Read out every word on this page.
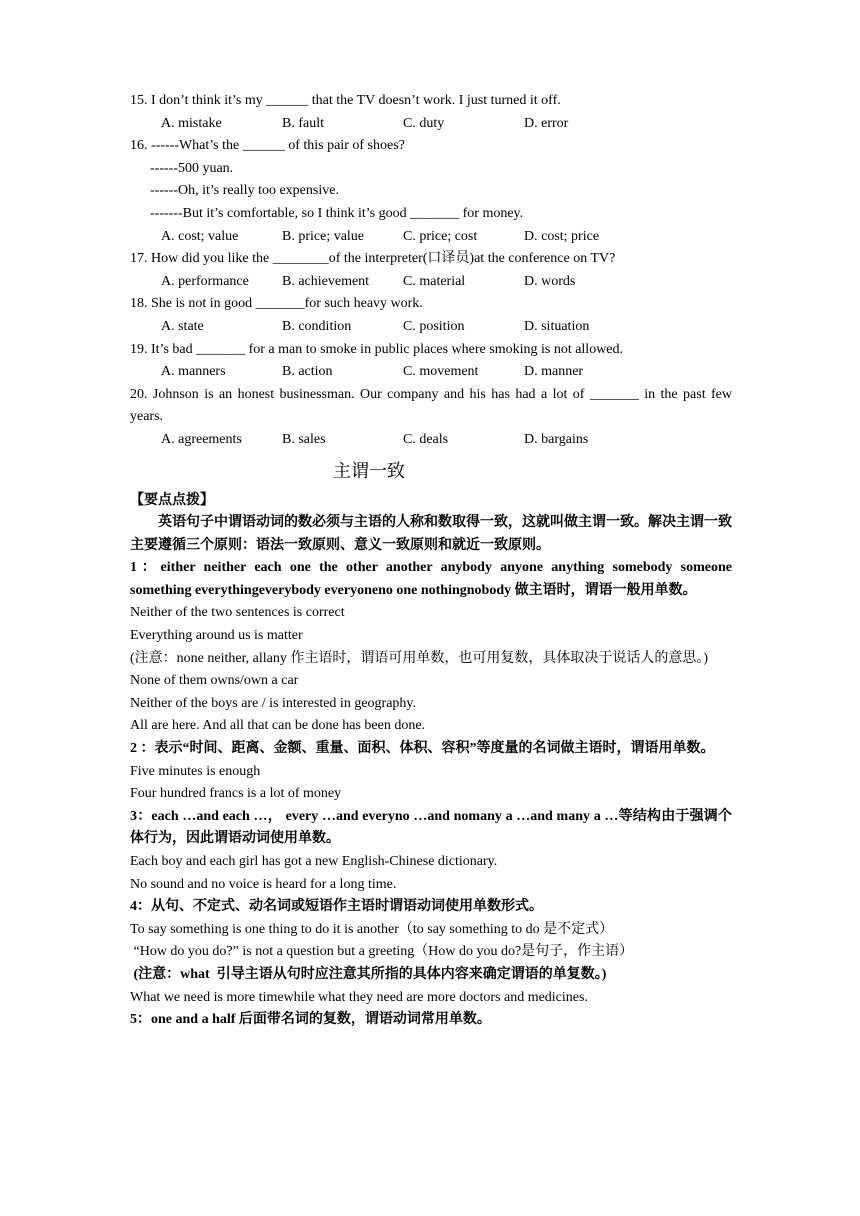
15. I don’t think it’s my ______ that the TV doesn’t work. I just turned it off.
A. mistake	B. fault	C. duty	D. error
16. ------What’s the ______ of this pair of shoes?
------500 yuan.
------Oh, it’s really too expensive.
-------But it’s comfortable, so I think it’s good _______ for money.
A. cost; value	B. price; value	C. price; cost	D. cost; price
17. How did you like the ________of the interpreter(口译员)at the conference on TV?
A. performance	B. achievement	C. material	D. words
18. She is not in good _______for such heavy work.
A. state	B. condition	C. position	D. situation
19. It’s bad _______ for a man to smoke in public places where smoking is not allowed.
A. manners	B. action	C. movement	D. manner
20. Johnson is an honest businessman. Our company and his has had a lot of _______ in the past few years.
A. agreements	B. sales	C. deals	D. bargains
主谓一致
【要点点拨】
英语句子中谓语动词的数必须与主语的人称和数取得一致，这就叫做主谓一致。解决主谓一致主要遵循三个原则：语法一致原则、意义一致原则和就近一致原则。
1：either neither each one the other another anybody anyone anything somebody someone something everythingeverybody everyoneno one nothingnobody 做主语时，谓语一般用单数。
Neither of the two sentences is correct
Everything around us is matter
(注意：none neither, allany 作主语时，谓语可用单数，也可用复数，具体取决于说话人的意思。)
None of them owns/own a car
Neither of the boys are / is interested in geography.
All are here. And all that can be done has been done.
2 ：表示“时间、距离、金额、重量、面积、体积、容积”等度量的名词做主语时，谓语用单数。
Five minutes is enough
Four hundred francs is a lot of money
3：each …and each …， every …and everyno …and nomany a …and many a …等结构由于强调个体行为，因此谓语动词使用单数。
Each boy and each girl has got a new English-Chinese dictionary.
No sound and no voice is heard for a long time.
4：从句、不定式、动名词或短语作主语时谓语动词使用单数形式。
To say something is one thing to do it is another（to say something to do 是不定式）
“How do you do?” is not a question but a greeting（How do you do?是句子，作主语）
(注意：what  引导主语从句时应注意其所指的具体内容来确定谓语的单复数。)
What we need is more timewhile what they need are more doctors and medicines.
5：one and a half 后面带名词的复数，谓语动词常用单数。
